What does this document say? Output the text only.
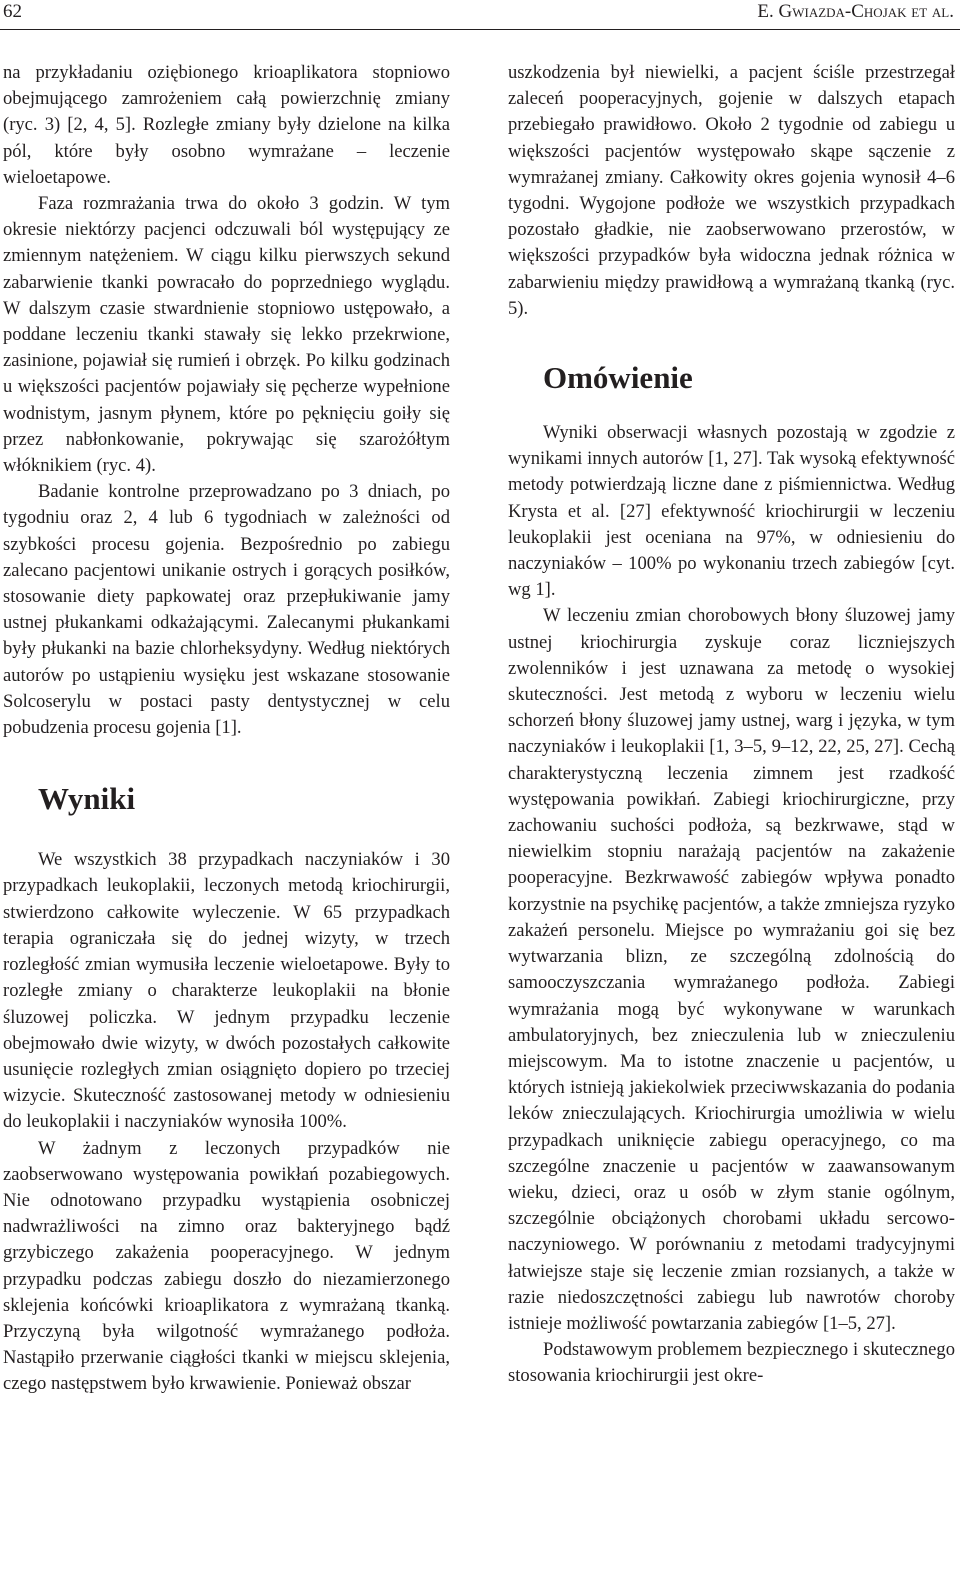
62	E. Gwiazda-Chojak et al.

na przykładaniu oziębionego krioaplikatora stopniowo obejmującego zamrożeniem całą powierzchnię zmiany (ryc. 3) [2, 4, 5]. Rozległe zmiany były dzielone na kilka pól, które były osobno wymrażane – leczenie wieloetapowe.

Faza rozmrażania trwa do około 3 godzin. W tym okresie niektórzy pacjenci odczuwali ból występujący ze zmiennym natężeniem. W ciągu kilku pierwszych sekund zabarwienie tkanki powracało do poprzedniego wyglądu. W dalszym czasie stwardnienie stopniowo ustępowało, a poddane leczeniu tkanki stawały się lekko przekrwione, zasinione, pojawiał się rumień i obrzęk. Po kilku godzinach u większości pacjentów pojawiały się pęcherze wypełnione wodnistym, jasnym płynem, które po pęknięciu goiły się przez nabłonkowanie, pokrywając się szarożółtym włóknikiem (ryc. 4).

Badanie kontrolne przeprowadzano po 3 dniach, po tygodniu oraz 2, 4 lub 6 tygodniach w zależności od szybkości procesu gojenia. Bezpośrednio po zabiegu zalecano pacjentowi unikanie ostrych i gorących posiłków, stosowanie diety papkowatej oraz przepłukiwanie jamy ustnej płukankami odkażającymi. Zalecanymi płukankami były płukanki na bazie chlorheksydyny. Według niektórych autorów po ustąpieniu wysięku jest wskazane stosowanie Solcoserylu w postaci pasty dentystycznej w celu pobudzenia procesu gojenia [1].

Wyniki

We wszystkich 38 przypadkach naczyniaków i 30 przypadkach leukoplakii, leczonych metodą kriochirurgii, stwierdzono całkowite wyleczenie. W 65 przypadkach terapia ograniczała się do jednej wizyty, w trzech rozległość zmian wymusiła leczenie wieloetapowe. Były to rozległe zmiany o charakterze leukoplakii na błonie śluzowej policzka. W jednym przypadku leczenie obejmowało dwie wizyty, w dwóch pozostałych całkowite usunięcie rozległych zmian osiągnięto dopiero po trzeciej wizycie. Skuteczność zastosowanej metody w odniesieniu do leukoplakii i naczyniaków wynosiła 100%.

W żadnym z leczonych przypadków nie zaobserwowano występowania powikłań pozabiegowych. Nie odnotowano przypadku wystąpienia osobniczej nadwrażliwości na zimno oraz bakteryjnego bądź grzybiczego zakażenia pooperacyjnego. W jednym przypadku podczas zabiegu doszło do niezamierzonego sklejenia końcówki krioaplikatora z wymrażaną tkanką. Przyczyną była wilgotność wymrażanego podłoża. Nastąpiło przerwanie ciągłości tkanki w miejscu sklejenia, czego następstwem było krwawienie. Ponieważ obszar

uszkodzenia był niewielki, a pacjent ściśle przestrzegał zaleceń pooperacyjnych, gojenie w dalszych etapach przebiegało prawidłowo. Około 2 tygodnie od zabiegu u większości pacjentów występowało skąpe sączenie z wymrażanej zmiany. Całkowity okres gojenia wynosił 4–6 tygodni. Wygojone podłoże we wszystkich przypadkach pozostało gładkie, nie zaobserwowano przerostów, w większości przypadków była widoczna jednak różnica w zabarwieniu między prawidłową a wymrażaną tkanką (ryc. 5).

Omówienie

Wyniki obserwacji własnych pozostają w zgodzie z wynikami innych autorów [1, 27]. Tak wysoką efektywność metody potwierdzają liczne dane z piśmiennictwa. Według Krysta et al. [27] efektywność kriochirurgii w leczeniu leukoplakii jest oceniana na 97%, w odniesieniu do naczyniaków – 100% po wykonaniu trzech zabiegów [cyt. wg 1].

W leczeniu zmian chorobowych błony śluzowej jamy ustnej kriochirurgia zyskuje coraz liczniejszych zwolenników i jest uznawana za metodę o wysokiej skuteczności. Jest metodą z wyboru w leczeniu wielu schorzeń błony śluzowej jamy ustnej, warg i języka, w tym naczyniaków i leukoplakii [1, 3–5, 9–12, 22, 25, 27]. Cechą charakterystyczną leczenia zimnem jest rzadkość występowania powikłań. Zabiegi kriochirurgiczne, przy zachowaniu suchości podłoża, są bezkrwawe, stąd w niewielkim stopniu narażają pacjentów na zakażenie pooperacyjne. Bezkrwawość zabiegów wpływa ponadto korzystnie na psychikę pacjentów, a także zmniejsza ryzyko zakażeń personelu. Miejsce po wymrażaniu goi się bez wytwarzania blizn, ze szczególną zdolnością do samooczyszczania wymrażanego podłoża. Zabiegi wymrażania mogą być wykonywane w warunkach ambulatoryjnych, bez znieczulenia lub w znieczuleniu miejscowym. Ma to istotne znaczenie u pacjentów, u których istnieją jakiekolwiek przeciwwskazania do podania leków znieczulających. Kriochirurgia umożliwia w wielu przypadkach uniknięcie zabiegu operacyjnego, co ma szczególne znaczenie u pacjentów w zaawansowanym wieku, dzieci, oraz u osób w złym stanie ogólnym, szczególnie obciążonych chorobami układu sercowo-naczyniowego. W porównaniu z metodami tradycyjnymi łatwiejsze staje się leczenie zmian rozsianych, a także w razie niedoszczętności zabiegu lub nawrotów choroby istnieje możliwość powtarzania zabiegów [1–5, 27].

Podstawowym problemem bezpiecznego i skutecznego stosowania kriochirurgii jest okre-
